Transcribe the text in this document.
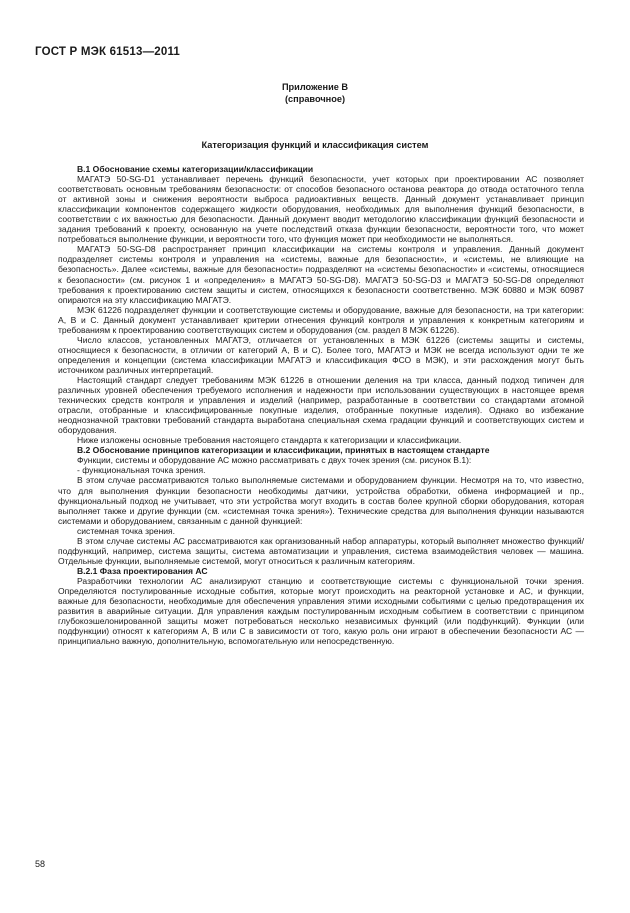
ГОСТ Р МЭК 61513—2011
Приложение В
(справочное)
Категоризация функций и классификация систем

В.1 Обоснование схемы категоризации/классификации

МАГАТЭ 50-SG-D1 устанавливает перечень функций безопасности, учет которых при проектировании АС позволяет соответствовать основным требованиям безопасности: от способов безопасного останова реактора до отвода остаточного тепла от активной зоны и снижения вероятности выброса радиоактивных веществ. Данный документ устанавливает принцип классификации компонентов содержащего жидкости оборудования, необходимых для выполнения функций безопасности, в соответствии с их важностью для безопасности. Данный документ вводит методологию классификации функций безопасности и задания требований к проекту, основанную на учете последствий отказа функции безопасности, вероятности того, что может потребоваться выполнение функции, и вероятности того, что функция может при необходимости не выполняться.

МАГАТЭ 50-SG-D8 распространяет принцип классификации на системы контроля и управления. Данный документ подразделяет системы контроля и управления на «системы, важные для безопасности», и «системы, не влияющие на безопасность». Далее «системы, важные для безопасности» подразделяют на «системы безопасности» и «системы, относящиеся к безопасности» (см. рисунок 1 и «определения» в МАГАТЭ 50-SG-D8). МАГАТЭ 50-SG-D3 и МАГАТЭ 50-SG-D8 определяют требования к проектированию систем защиты и систем, относящихся к безопасности соответственно. МЭК 60880 и МЭК 60987 опираются на эту классификацию МАГАТЭ.

МЭК 61226 подразделяет функции и соответствующие системы и оборудование, важные для безопасности, на три категории: А, В и С. Данный документ устанавливает критерии отнесения функций контроля и управления к конкретным категориям и требованиям к проектированию соответствующих систем и оборудования (см. раздел 8 МЭК 61226).

Число классов, установленных МАГАТЭ, отличается от установленных в МЭК 61226 (системы защиты и системы, относящиеся к безопасности, в отличии от категорий А, В и С). Более того, МАГАТЭ и МЭК не всегда используют одни те же определения и концепции (система классификации МАГАТЭ и классификация ФСО в МЭК), и эти расхождения могут быть источником различных интерпретаций.

Настоящий стандарт следует требованиям МЭК 61226 в отношении деления на три класса, данный подход типичен для различных уровней обеспечения требуемого исполнения и надежности при использовании существующих в настоящее время технических средств контроля и управления и изделий (например, разработанные в соответствии со стандартами атомной отрасли, отобранные и классифицированные покупные изделия, отобранные покупные изделия). Однако во избежание неоднозначной трактовки требований стандарта выработана специальная схема градации функций и соответствующих систем и оборудования.

Ниже изложены основные требования настоящего стандарта к категоризации и классификации.

В.2 Обоснование принципов категоризации и классификации, принятых в настоящем стандарте

Функции, системы и оборудование АС можно рассматривать с двух точек зрения (см. рисунок В.1):

- функциональная точка зрения.

В этом случае рассматриваются только выполняемые системами и оборудованием функции. Несмотря на то, что известно, что для выполнения функции безопасности необходимы датчики, устройства обработки, обмена информацией и пр., функциональный подход не учитывает, что эти устройства могут входить в состав более крупной сборки оборудования, которая выполняет также и другие функции (см. «системная точка зрения»). Технические средства для выполнения функции называются системами и оборудованием, связанным с данной функцией:

системная точка зрения.

В этом случае системы АС рассматриваются как организованный набор аппаратуры, который выполняет множество функций/подфункций, например, система защиты, система автоматизации и управления, система взаимодействия человек — машина. Отдельные функции, выполняемые системой, могут относиться к различным категориям.

В.2.1 Фаза проектирования АС

Разработчики технологии АС анализируют станцию и соответствующие системы с функциональной точки зрения. Определяются постулированные исходные события, которые могут происходить на реакторной установке и АС, и функции, важные для безопасности, необходимые для обеспечения управления этими исходными событиями с целью предотвращения их развития в аварийные ситуации. Для управления каждым постулированным исходным событием в соответствии с принципом глубокоэшелонированной защиты может потребоваться несколько независимых функций (или подфункций). Функции (или подфункции) относят к категориям А, В или С в зависимости от того, какую роль они играют в обеспечении безопасности АС — принципиально важную, дополнительную, вспомогательную или непосредственную.

58
